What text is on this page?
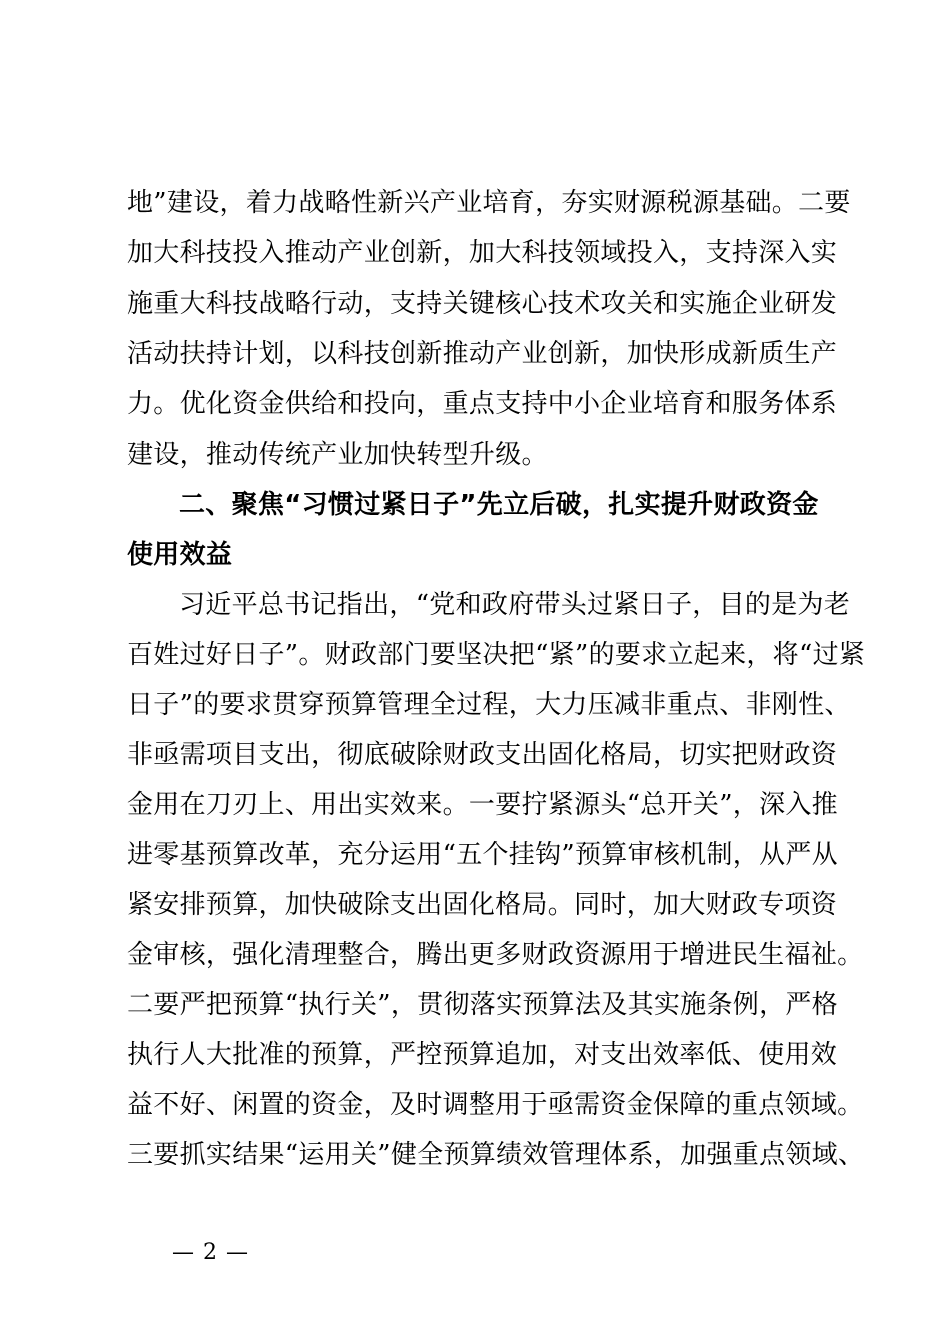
地”建设，着力战略性新兴产业培育，夯实财源税源基础。二要
加大科技投入推动产业创新，加大科技领域投入，支持深入实
施重大科技战略行动，支持关键核心技术攻关和实施企业研发
活动扶持计划，以科技创新推动产业创新，加快形成新质生产
力。优化资金供给和投向，重点支持中小企业培育和服务体系
建设，推动传统产业加快转型升级。
二、聚焦“习惯过紧日子”先立后破，扎实提升财政资金
使用效益
习近平总书记指出，“党和政府带头过紧日子，目的是为老
百姓过好日子”。财政部门要坚决把“紧”的要求立起来，将“过紧
日子”的要求贯穿预算管理全过程，大力压减非重点、非刚性、
非亟需项目支出，彻底破除财政支出固化格局，切实把财政资
金用在刀刃上、用出实效来。一要拧紧源头“总开关”，深入推
进零基预算改革，充分运用“五个挂钩”预算审核机制，从严从
紧安排预算，加快破除支出固化格局。同时，加大财政专项资
金审核，强化清理整合，腾出更多财政资源用于增进民生福祉。
二要严把预算“执行关”，贯彻落实预算法及其实施条例，严格
执行人大批准的预算，严控预算追加，对支出效率低、使用效
益不好、闲置的资金，及时调整用于亟需资金保障的重点领域。
三要抓实结果“运用关”健全预算绩效管理体系，加强重点领域、
— 2 —
